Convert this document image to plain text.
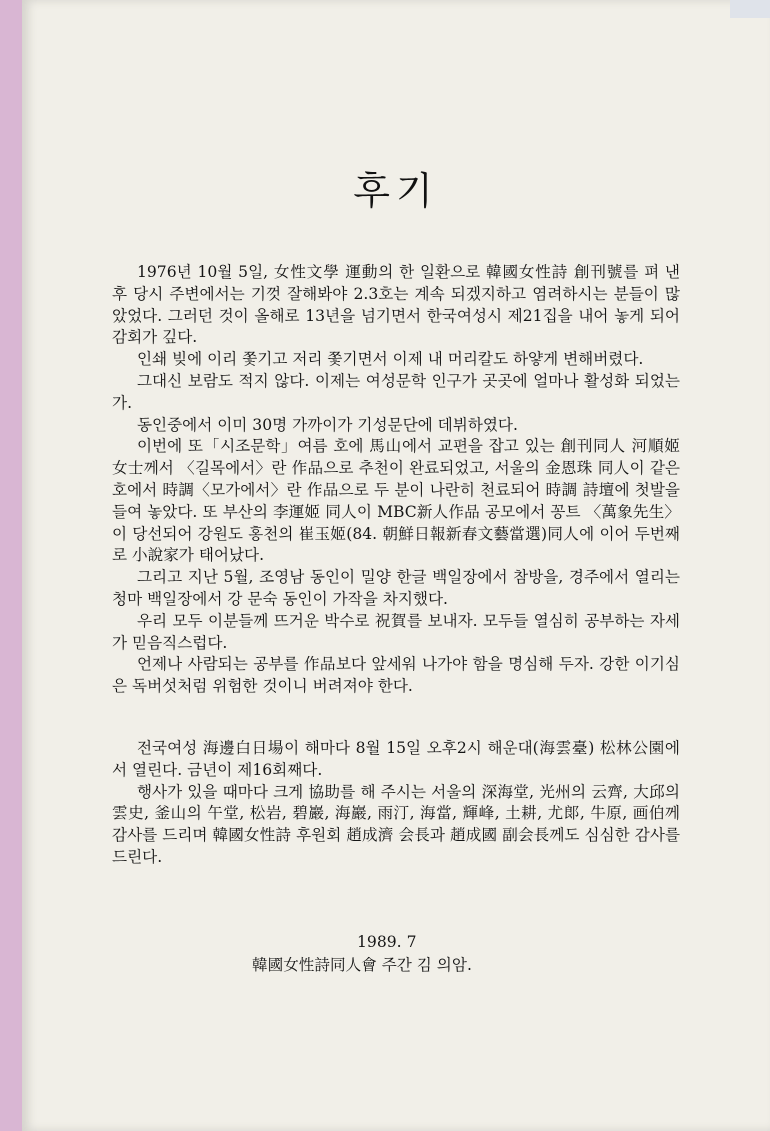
후기

1976년 10월 5일, 女性文學 運動의 한 일환으로 韓國女性詩 創刊號를 펴 낸 후 당시 주변에서는 기껏 잘해봐야 2.3호는 계속 되겠지하고 염려하시는 분들이 많았었다. 그러던 것이 올해로 13년을 넘기면서 한국여성시 제21집을 내어 놓게 되어 감회가 깊다.

인쇄 빚에 이리 쫓기고 저리 쫓기면서 이제 내 머리칼도 하얗게 변해버렸다.

그대신 보람도 적지 않다. 이제는 여성문학 인구가 곳곳에 얼마나 활성화 되었는가.

동인중에서 이미 30명 가까이가 기성문단에 데뷔하였다.

이번에 또「시조문학」여름 호에 馬山에서 교편을 잡고 있는 創刊同人 河順姬 女士께서 〈길목에서〉란 作品으로 추천이 완료되었고, 서울의 金恩珠 同人이 같은 호에서 時調〈모가에서〉란 作品으로 두 분이 나란히 천료되어 時調 詩壇에 첫발을 들여 놓았다. 또 부산의 李運姬 同人이 MBC新人作品 공모에서 꽁트 〈萬象先生〉이 당선되어 강원도 홍천의 崔玉姬(84. 朝鮮日報新春文藝當選)同人에 이어 두번째로 小說家가 태어났다.

그리고 지난 5월, 조영남 동인이 밀양 한글 백일장에서 참방을, 경주에서 열리는 청마 백일장에서 강 문숙 동인이 가작을 차지했다.

우리 모두 이분들께 뜨거운 박수로 祝賀를 보내자. 모두들 열심히 공부하는 자세가 믿음직스럽다.

언제나 사람되는 공부를 作品보다 앞세워 나가야 함을 명심해 두자. 강한 이기심은 독버섯처럼 위험한 것이니 버려져야 한다.

전국여성 海邊白日場이 해마다 8월 15일 오후2시 해운대(海雲臺) 松林公園에서 열린다. 금년이 제16회째다.

행사가 있을 때마다 크게 協助를 해 주시는 서울의 深海堂, 光州의 云齊, 大邱의 雲史, 釜山의 午堂, 松岩, 碧巖, 海巖, 雨汀, 海當, 輝峰, 土耕, 尤郞, 牛原, 画伯께 감사를 드리며 韓國女性詩 후원회 趙成濟 会長과 趙成國 副会長께도 심심한 감사를 드린다.

1989. 7
韓國女性詩同人會 주간 김 의암.
